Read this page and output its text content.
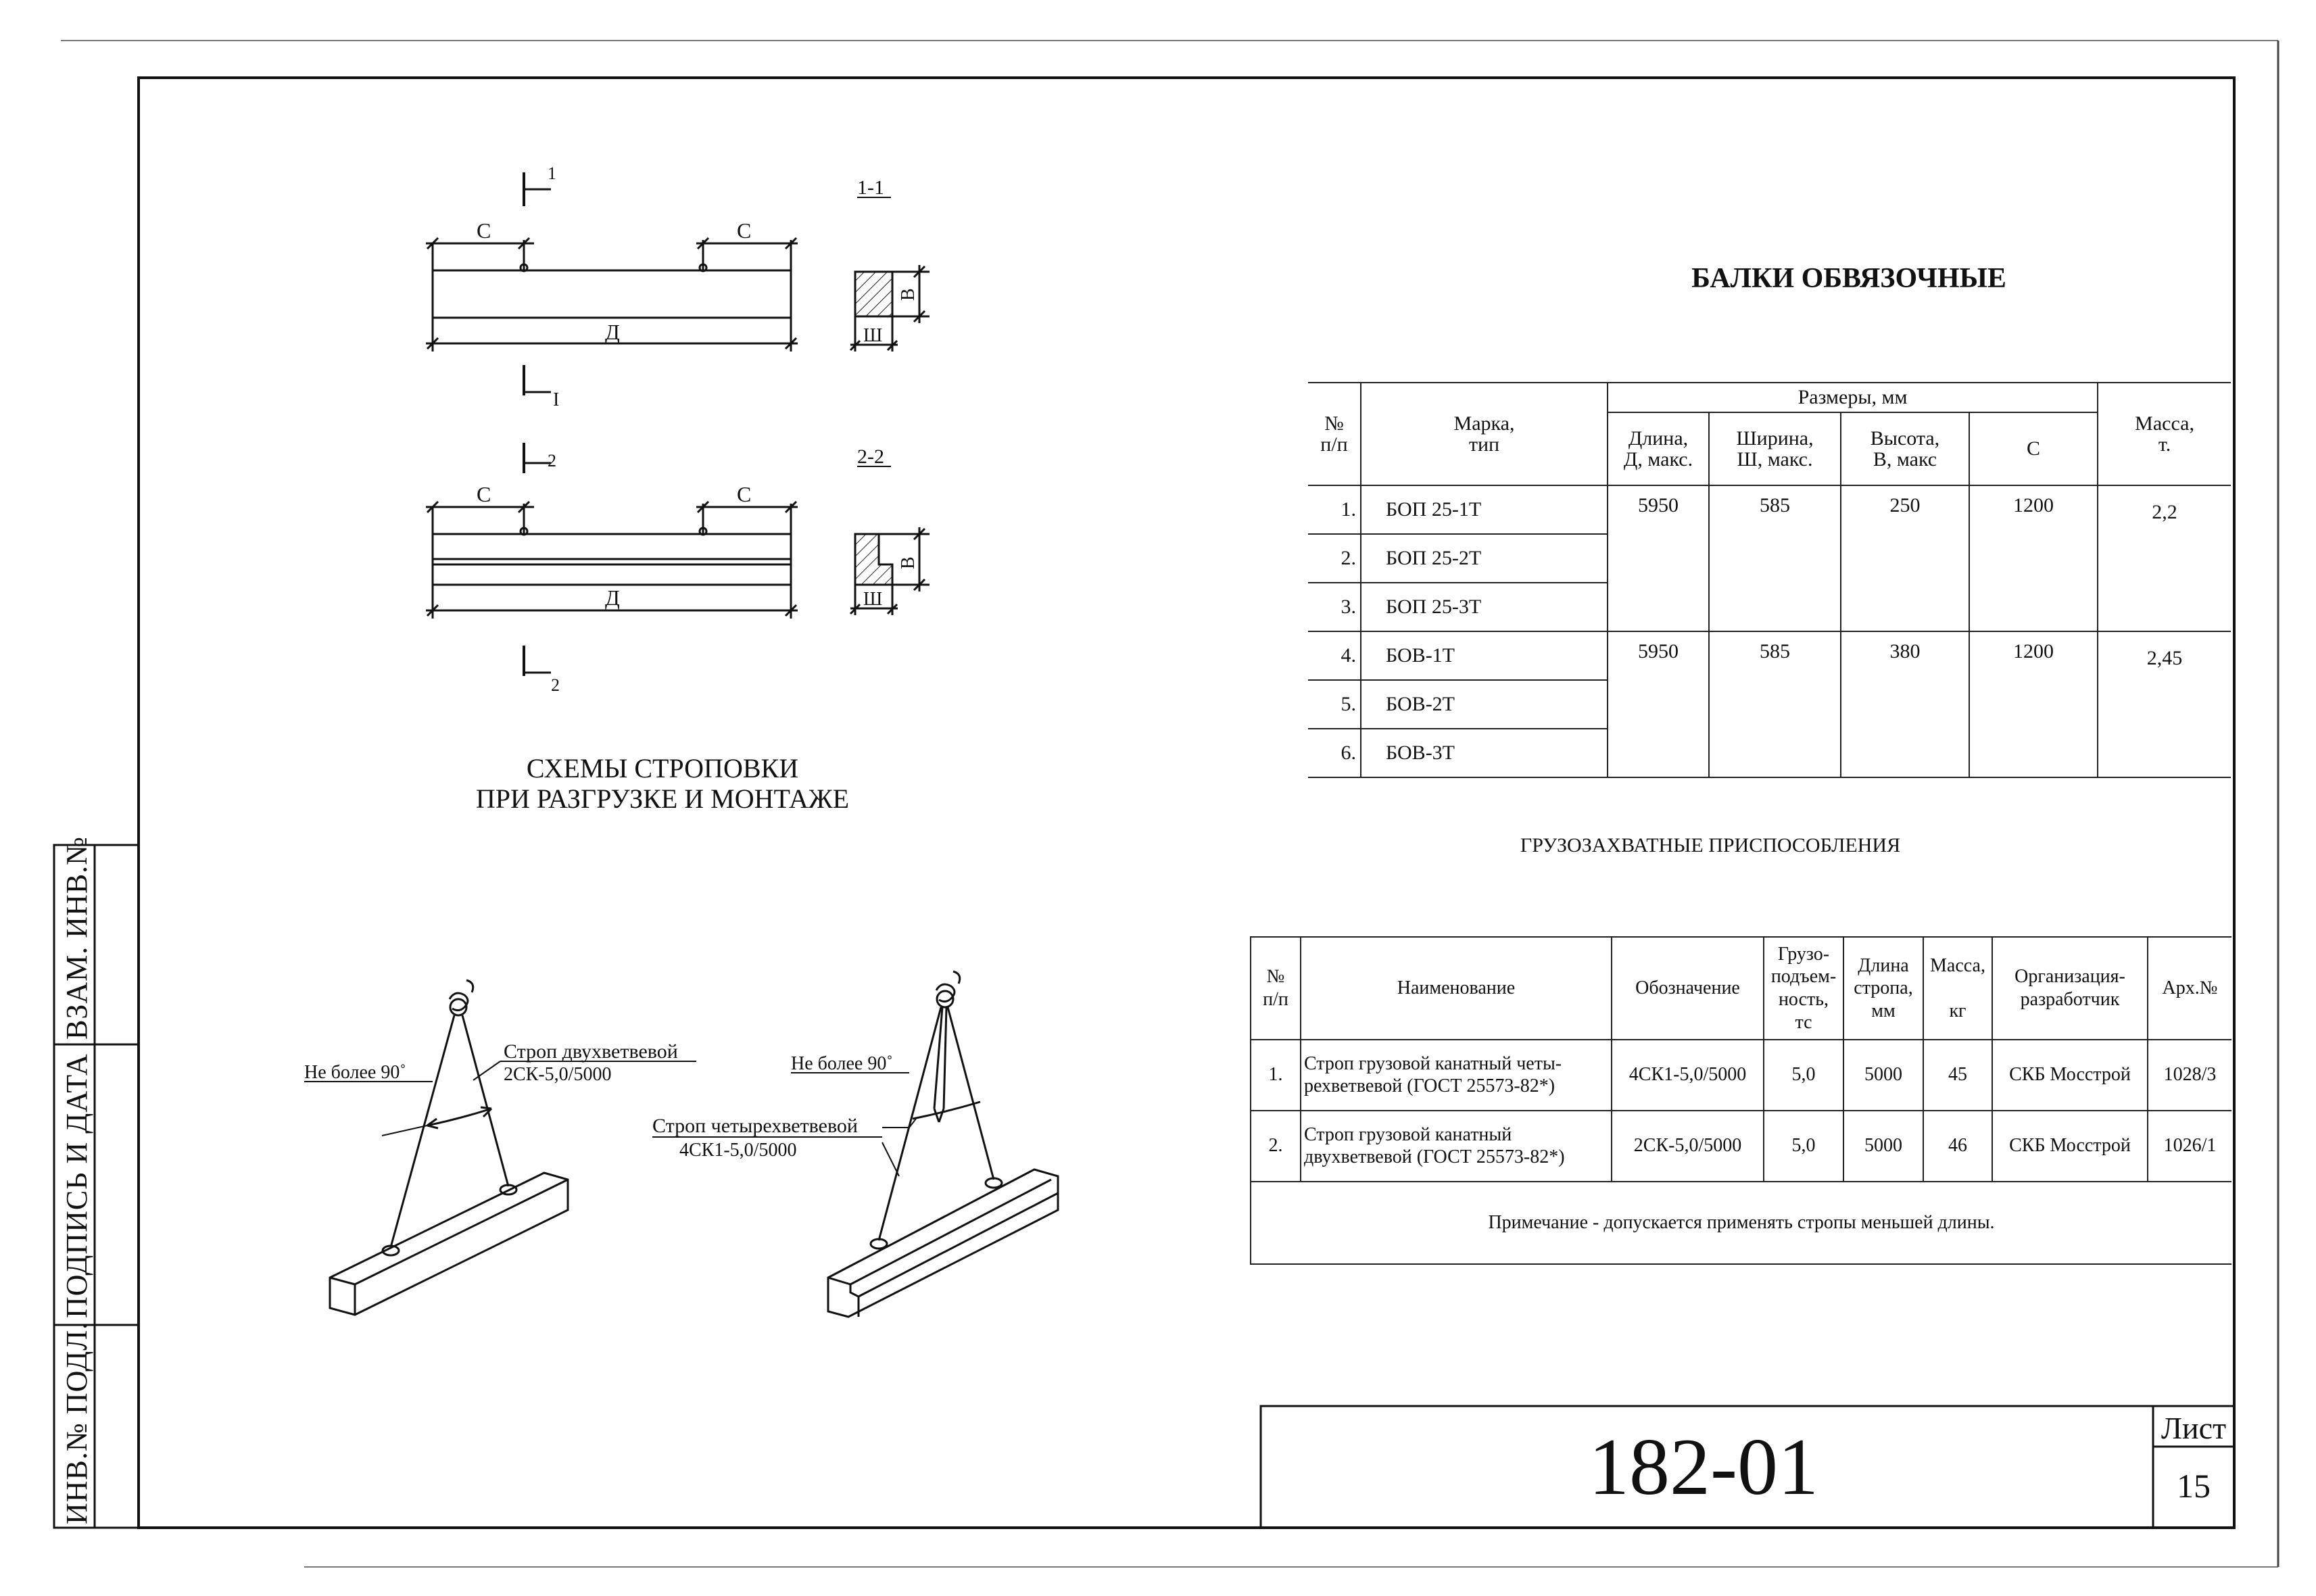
С	С
Д
1
I
1-1
В
Ш
С	С
Д
2
2
2-2
В
Ш
СХЕМЫ СТРОПОВКИ
ПРИ РАЗГРУЗКЕ И МОНТАЖЕ
Не более 90˚
Строп двухветвевой
2СК-5,0/5000
Не более 90˚
Строп четырехветвевой
4СК1-5,0/5000
БАЛКИ ОБВЯЗОЧНЫЕ
ГРУЗОЗАХВАТНЫЕ ПРИСПОСОБЛЕНИЯ
182-01	Лист
15
ИНВ.№ ПОДЛ.
ПОДПИСЬ И ДАТА
ВЗАМ. ИНВ.№
№
п/п	Марка,
тип	Размеры, мм				Масса,
т.
		Длина,
Д, макс.	Ширина,
Ш, макс.	Высота,
В, макс	С	
1.	БОП 25-1Т	5950	585	250	1200	2,2
2.	БОП 25-2Т					
3.	БОП 25-3Т					
4.	БОВ-1Т	5950	585	380	1200	2,45
5.	БОВ-2Т					
6.	БОВ-3Т					
№
п/п	Наименование	Обозначение	Грузо-
подъем-
ность,
тс	Длина
стропа,
мм	Масса,

кг	Организация-
разработчик	Арх.№
1.	Строп грузовой канатный четы-
рехветвевой (ГОСТ 25573-82*)	4СК1-5,0/5000	5,0	5000	45	СКБ Мосстрой	1028/3
2.	Строп грузовой канатный
двухветвевой (ГОСТ 25573-82*)	2СК-5,0/5000	5,0	5000	46	СКБ Мосстрой	1026/1
Примечание - допускается применять стропы меньшей длины.							
